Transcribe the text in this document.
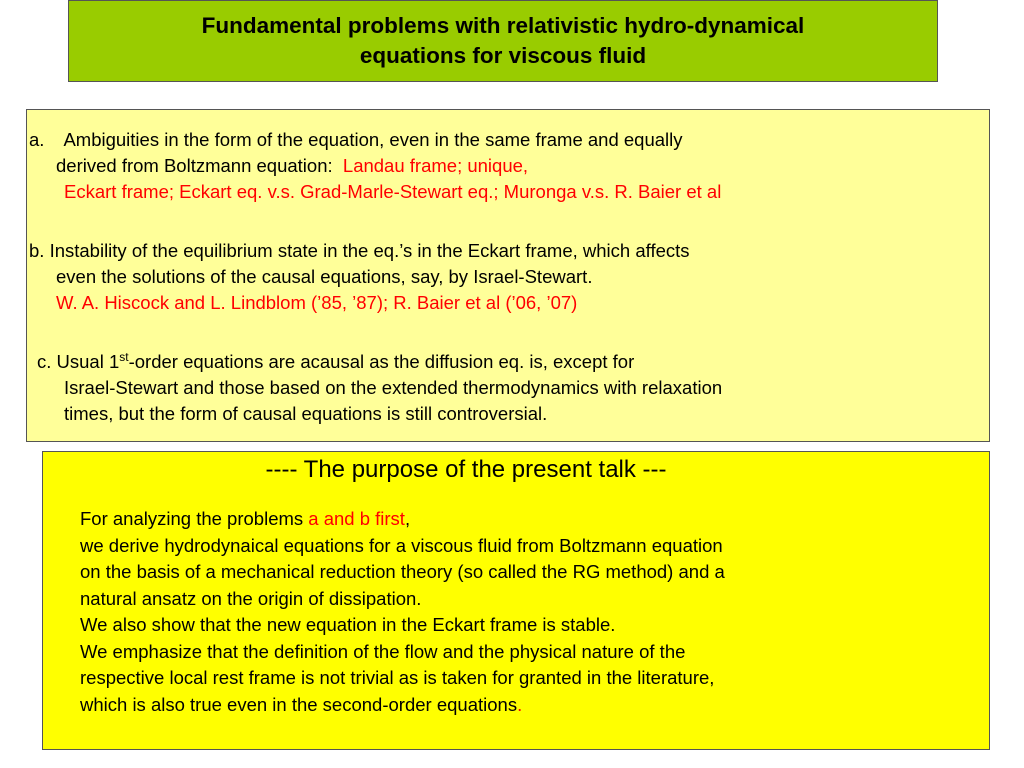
Fundamental problems with relativistic hydro-dynamical
equations for viscous fluid
a. Ambiguities in the form of the equation, even in the same frame and equally
derived from Boltzmann equation: Landau frame; unique,
Eckart frame; Eckart eq. v.s. Grad-Marle-Stewart eq.; Muronga v.s. R. Baier et al
b. Instability of the equilibrium state in the eq.’s in the Eckart frame, which affects
even the solutions of the causal equations, say, by Israel-Stewart.
W. A. Hiscock and L. Lindblom (’85, ’87); R. Baier et al (’06, ’07)
c. Usual 1st-order equations are acausal as the diffusion eq. is, except for
Israel-Stewart and those based on the extended thermodynamics with relaxation
times, but the form of causal equations is still controversial.
---- The purpose of the present talk ---
For analyzing the problems a and b first,
we derive hydrodynaical equations for a viscous fluid from Boltzmann equation
on the basis of a mechanical reduction theory (so called the RG method) and a
natural ansatz on the origin of dissipation.
We also show that the new equation in the Eckart frame is stable.
We emphasize that the definition of the flow and the physical nature of the
respective local rest frame is not trivial as is taken for granted in the literature,
which is also true even in the second-order equations.
